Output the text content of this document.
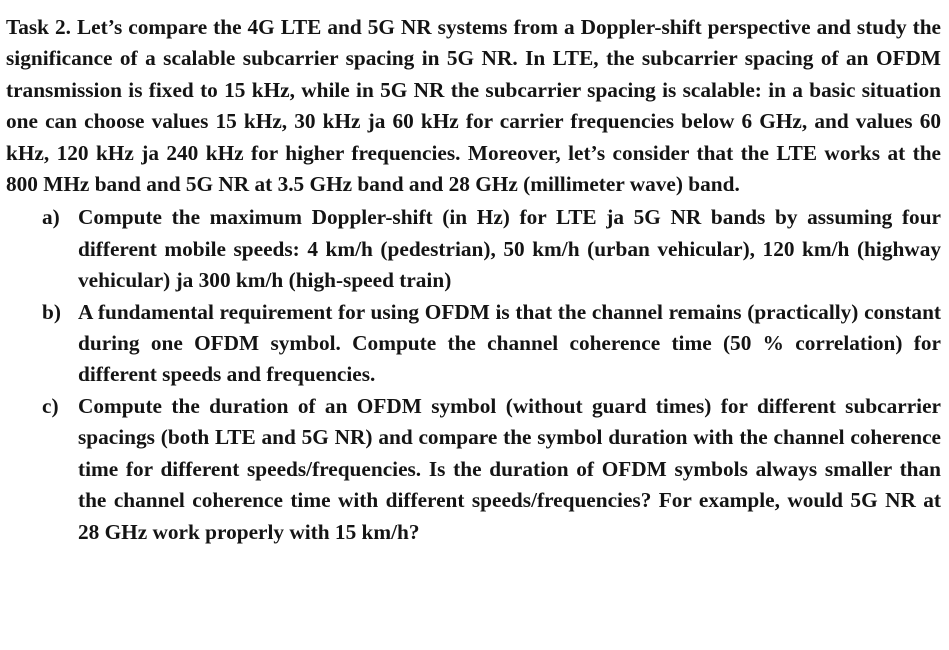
Task 2. Let’s compare the 4G LTE and 5G NR systems from a Doppler-shift perspective and study the significance of a scalable subcarrier spacing in 5G NR. In LTE, the subcarrier spacing of an OFDM transmission is fixed to 15 kHz, while in 5G NR the subcarrier spacing is scalable: in a basic situation one can choose values 15 kHz, 30 kHz ja 60 kHz for carrier frequencies below 6 GHz, and values 60 kHz, 120 kHz ja 240 kHz for higher frequencies. Moreover, let’s consider that the LTE works at the 800 MHz band and 5G NR at 3.5 GHz band and 28 GHz (millimeter wave) band.

a) Compute the maximum Doppler-shift (in Hz) for LTE ja 5G NR bands by assuming four different mobile speeds: 4 km/h (pedestrian), 50 km/h (urban vehicular), 120 km/h (highway vehicular) ja 300 km/h (high-speed train)
b) A fundamental requirement for using OFDM is that the channel remains (practically) constant during one OFDM symbol. Compute the channel coherence time (50 % correlation) for different speeds and frequencies.
c) Compute the duration of an OFDM symbol (without guard times) for different subcarrier spacings (both LTE and 5G NR) and compare the symbol duration with the channel coherence time for different speeds/frequencies. Is the duration of OFDM symbols always smaller than the channel coherence time with different speeds/frequencies? For example, would 5G NR at 28 GHz work properly with 15 km/h?
